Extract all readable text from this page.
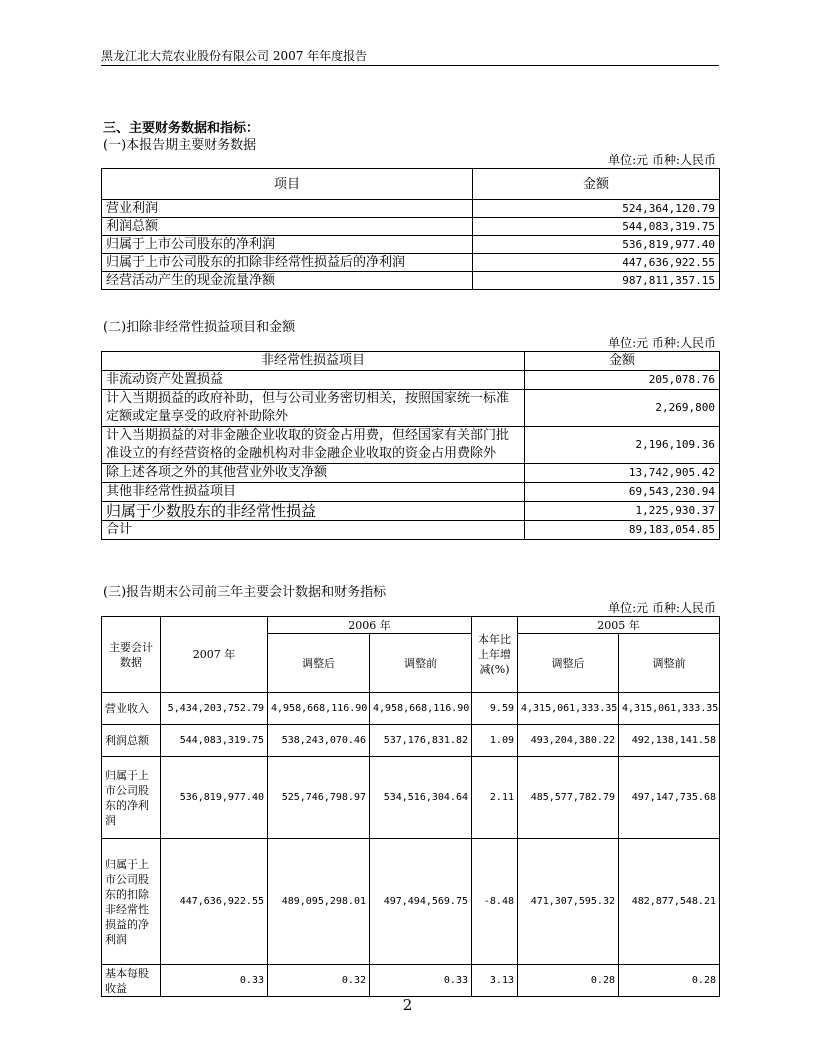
黑龙江北大荒农业股份有限公司 2007 年年度报告
三、主要财务数据和指标：
(一)本报告期主要财务数据
单位:元 币种:人民币
项目	金额
营业利润	524,364,120.79
利润总额	544,083,319.75
归属于上市公司股东的净利润	536,819,977.40
归属于上市公司股东的扣除非经常性损益后的净利润	447,636,922.55
经营活动产生的现金流量净额	987,811,357.15
(二)扣除非经常性损益项目和金额
单位:元 币种:人民币
非经常性损益项目	金额
非流动资产处置损益	205,078.76
计入当期损益的政府补助，但与公司业务密切相关，按照国家统一标准定额或定量享受的政府补助除外	2,269,800
计入当期损益的对非金融企业收取的资金占用费，但经国家有关部门批准设立的有经营资格的金融机构对非金融企业收取的资金占用费除外	2,196,109.36
除上述各项之外的其他营业外收支净额	13,742,905.42
其他非经常性损益项目	69,543,230.94
归属于少数股东的非经常性损益	1,225,930.37
合计	89,183,054.85
(三)报告期末公司前三年主要会计数据和财务指标
单位:元 币种:人民币
主要会计数据	2007 年	2006 年		本年比上年增减(%)	2005 年	
		调整后	调整前		调整后	调整前
营业收入	5,434,203,752.79	4,958,668,116.90	4,958,668,116.90	9.59	4,315,061,333.35	4,315,061,333.35
利润总额	544,083,319.75	538,243,070.46	537,176,831.82	1.09	493,204,380.22	492,138,141.58
归属于上市公司股东的净利润	536,819,977.40	525,746,798.97	534,516,304.64	2.11	485,577,782.79	497,147,735.68
归属于上市公司股东的扣除非经常性损益的净利润	447,636,922.55	489,095,298.01	497,494,569.75	-8.48	471,307,595.32	482,877,548.21
基本每股收益	0.33	0.32	0.33	3.13	0.28	0.28
2
